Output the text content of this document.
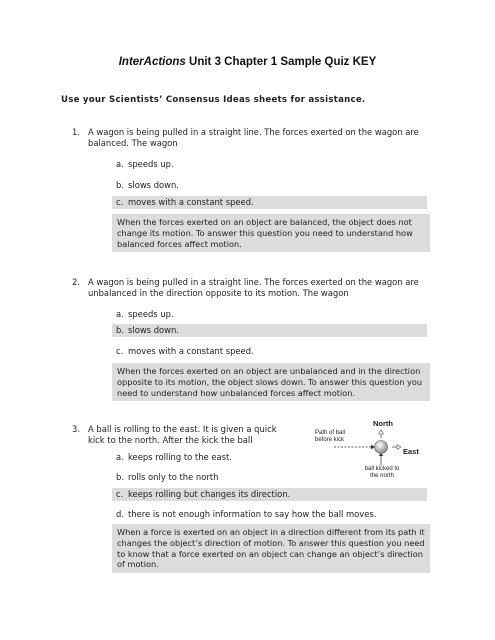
InterActions Unit 3 Chapter 1 Sample Quiz KEY
Use your Scientists’ Consensus Ideas sheets for assistance.
1. A wagon is being pulled in a straight line. The forces exerted on the wagon are balanced. The wagon
a. speeds up.
b. slows down.
c. moves with a constant speed.
When the forces exerted on an object are balanced, the object does not change its motion. To answer this question you need to understand how balanced forces affect motion.
2. A wagon is being pulled in a straight line. The forces exerted on the wagon are unbalanced in the direction opposite to its motion. The wagon
a. speeds up.
b. slows down.
c. moves with a constant speed.
When the forces exerted on an object are unbalanced and in the direction opposite to its motion, the object slows down. To answer this question you need to understand how unbalanced forces affect motion.
3. A ball is rolling to the east. It is given a quick kick to the north. After the kick the ball
a. keeps rolling to the east.
b. rolls only to the north
c. keeps rolling but changes its direction.
d. there is not enough information to say how the ball moves.
When a force is exerted on an object in a direction different from its path it changes the object’s direction of motion. To answer this question you need to know that a force exerted on an object can change an object’s direction of motion.
North
East
Path of ball before kick
ball kicked to the north
